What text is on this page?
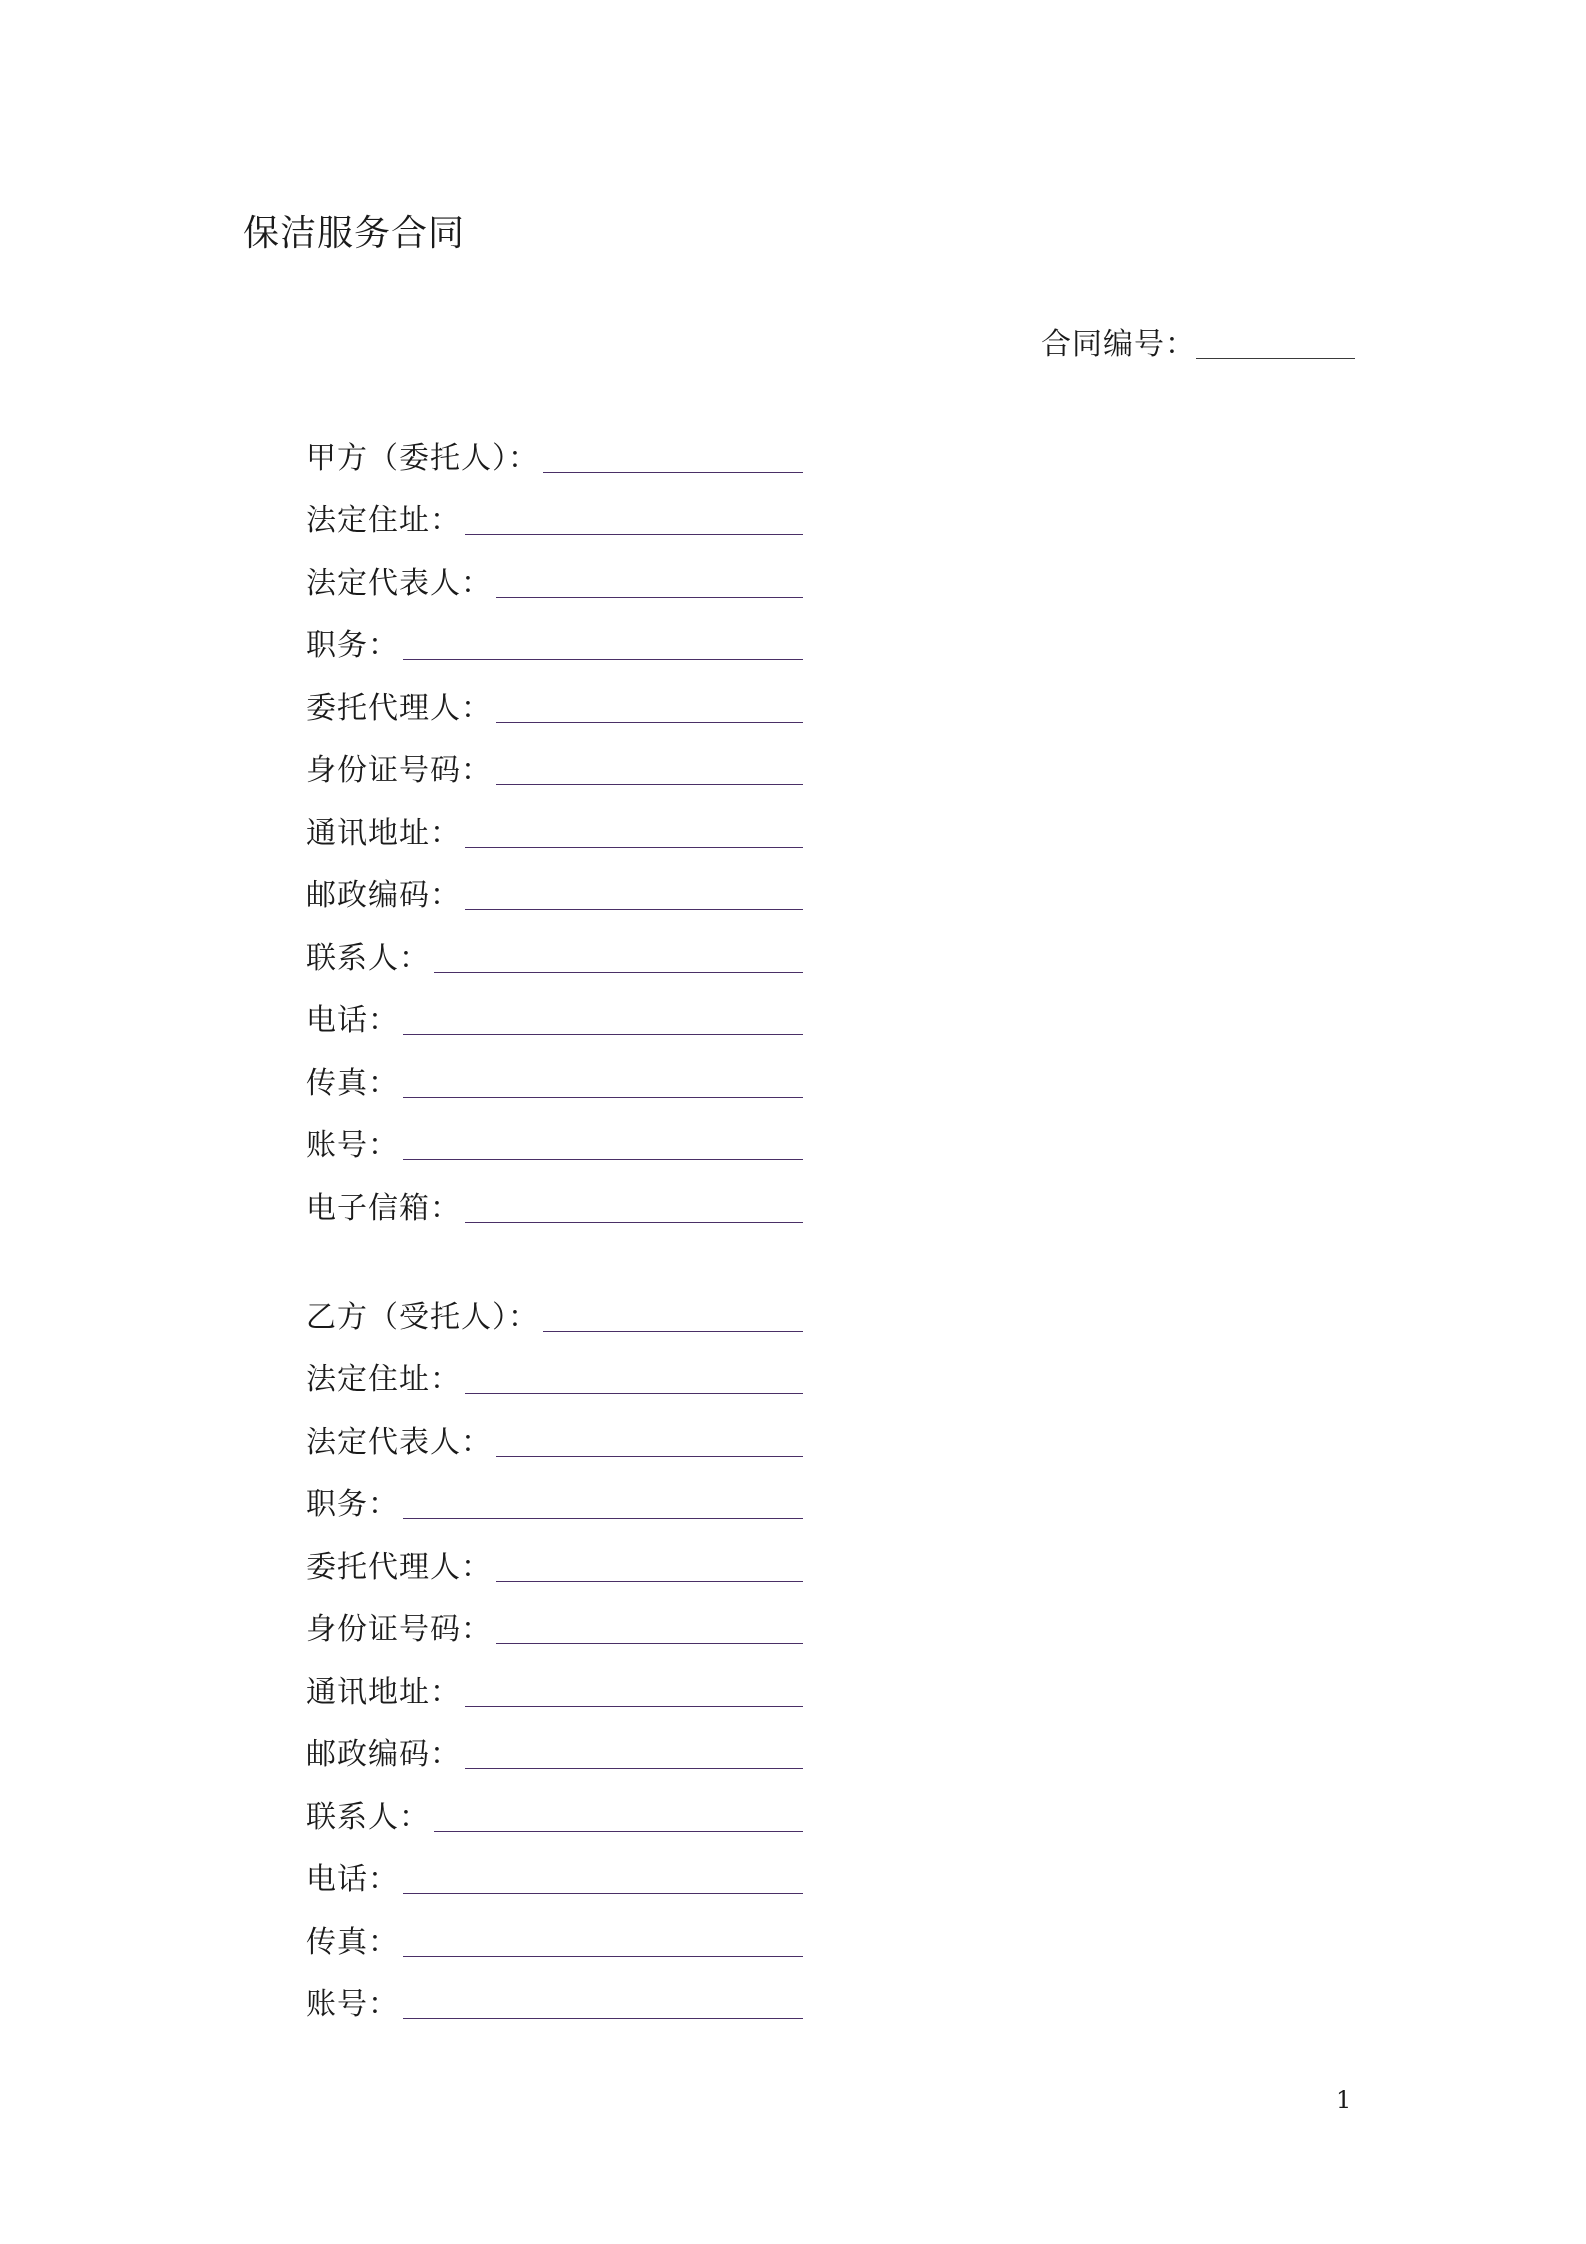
保洁服务合同
合同编号：
甲方（委托人）：
法定住址：
法定代表人：
职务：
委托代理人：
身份证号码：
通讯地址：
邮政编码：
联系人：
电话：
传真：
账号：
电子信箱：
乙方（受托人）：
法定住址：
法定代表人：
职务：
委托代理人：
身份证号码：
通讯地址：
邮政编码：
联系人：
电话：
传真：
账号：
1
